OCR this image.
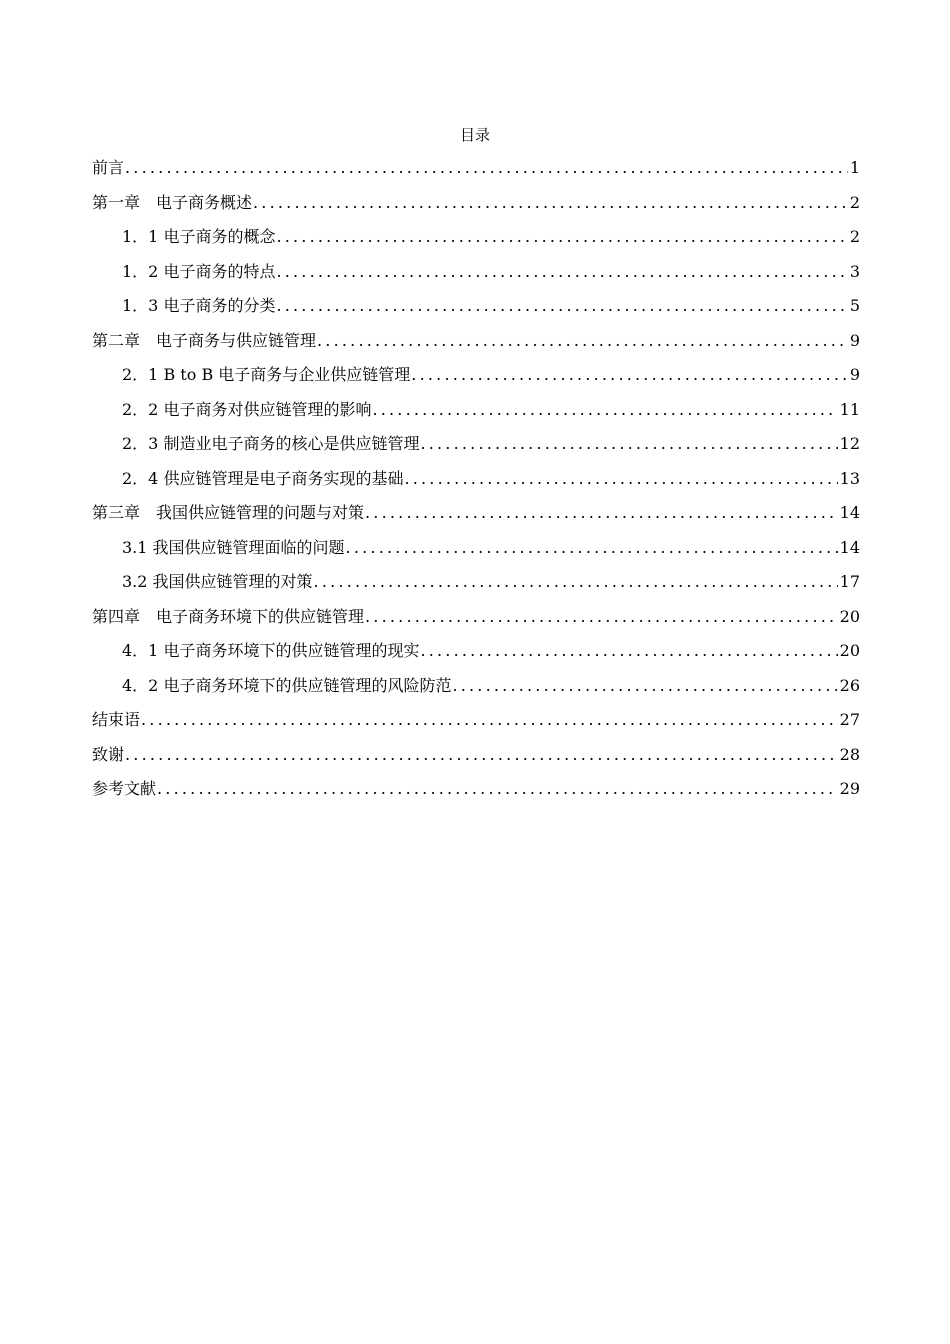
目录
前言 .....	1
第一章　电子商务概述 .....	2
1．1 电子商务的概念 .....	2
1．2 电子商务的特点 .....	3
1．3 电子商务的分类 .....	5
第二章　电子商务与供应链管理 .....	9
2．1 B to B 电子商务与企业供应链管理 .....	9
2．2 电子商务对供应链管理的影响 .....	11
2．3 制造业电子商务的核心是供应链管理 .....	12
2．4 供应链管理是电子商务实现的基础 .....	13
第三章　我国供应链管理的问题与对策 .....	14
3.1 我国供应链管理面临的问题 .....	14
3.2 我国供应链管理的对策 .....	17
第四章　电子商务环境下的供应链管理 .....	20
4．1 电子商务环境下的供应链管理的现实 .....	20
4．2 电子商务环境下的供应链管理的风险防范 .....	26
结束语 .....	27
致谢 .....	28
参考文献 .....	29
